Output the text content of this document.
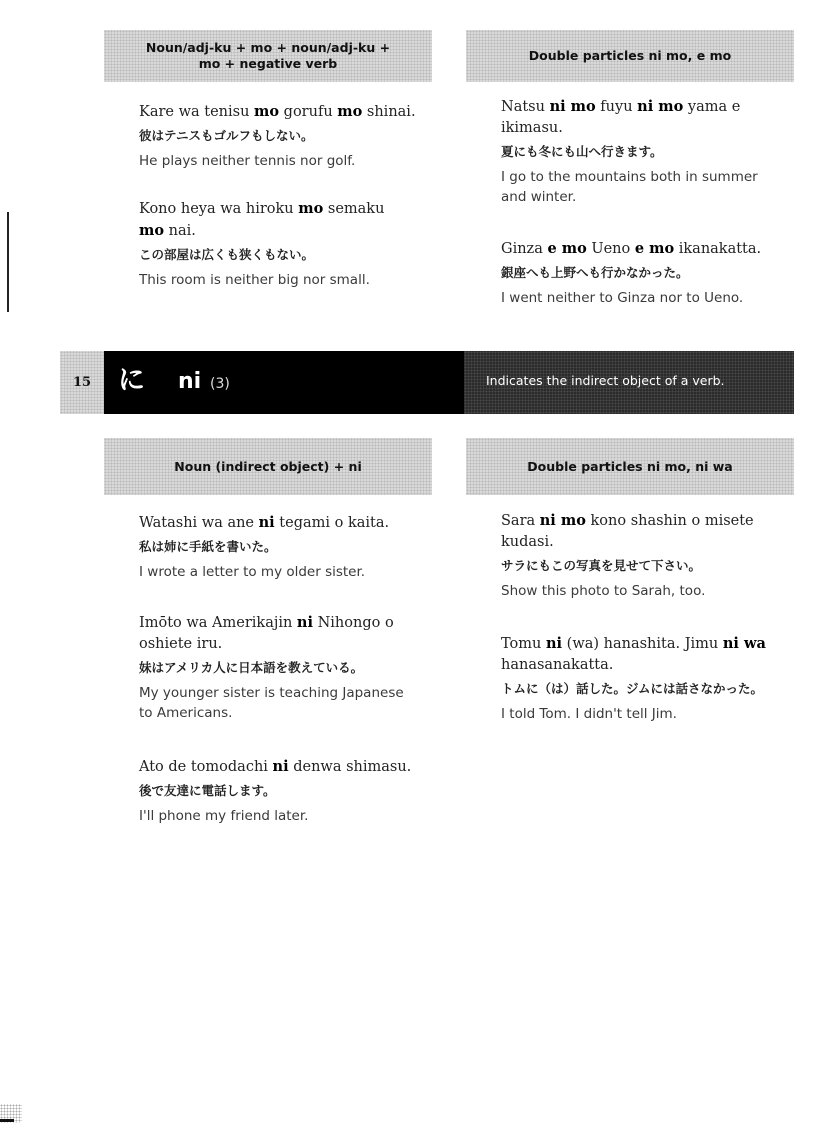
Noun/adj-ku + mo + noun/adj-ku +
mo + negative verb
Kare wa tenisu mo gorufu mo shinai.
彼はテニスもゴルフもしない。
He plays neither tennis nor golf.
Kono heya wa hiroku mo semaku mo nai.
この部屋は広くも狭くもない。
This room is neither big nor small.
Double particles ni mo, e mo
Natsu ni mo fuyu ni mo yama e ikimasu.
夏にも冬にも山へ行きます。
I go to the mountains both in summer and winter.
Ginza e mo Ueno e mo ikanakatta.
銀座へも上野へも行かなかった。
I went neither to Ginza nor to Ueno.
15 に ni (3)	Indicates the indirect object of a verb.
Noun (indirect object) + ni
Watashi wa ane ni tegami o kaita.
私は姉に手紙を書いた。
I wrote a letter to my older sister.
Imōto wa Amerikajin ni Nihongo o oshiete iru.
妹はアメリカ人に日本語を教えている。
My younger sister is teaching Japanese to Americans.
Ato de tomodachi ni denwa shimasu.
後で友達に電話します。
I'll phone my friend later.
Double particles ni mo, ni wa
Sara ni mo kono shashin o misete kudasi.
サラにもこの写真を見せて下さい。
Show this photo to Sarah, too.
Tomu ni (wa) hanashita. Jimu ni wa hanasanakatta.
トムに（は）話した。ジムには話さなかった。
I told Tom. I didn't tell Jim.
